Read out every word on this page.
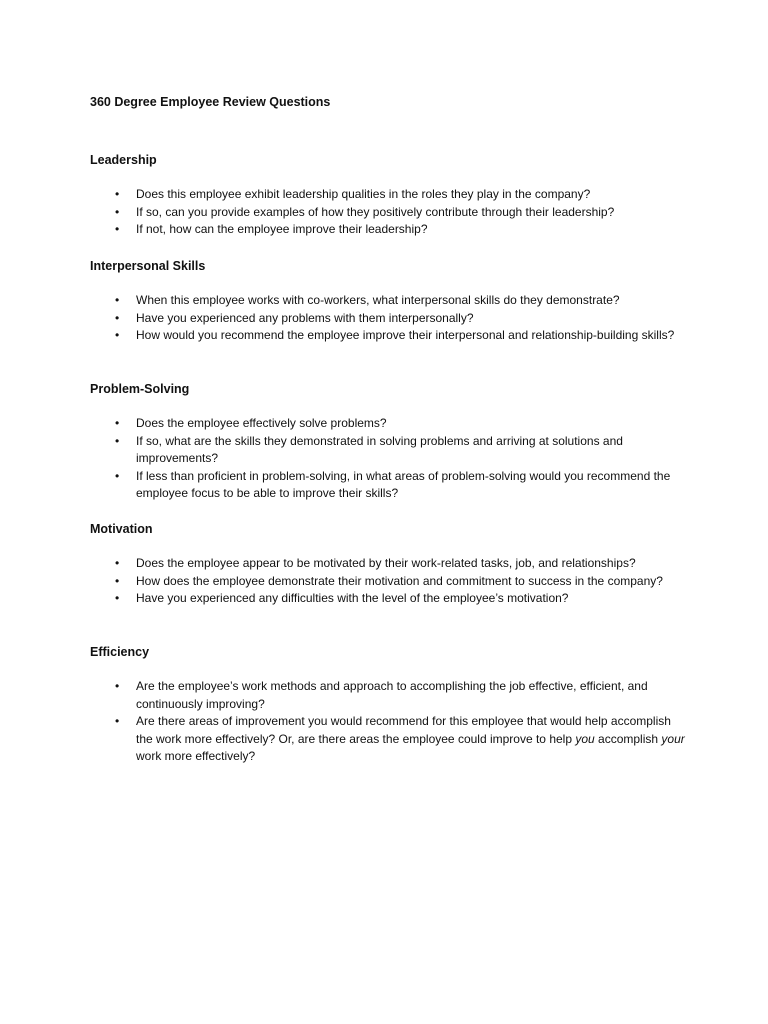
360 Degree Employee Review Questions
Leadership
• Does this employee exhibit leadership qualities in the roles they play in the company?
• If so, can you provide examples of how they positively contribute through their leadership?
• If not, how can the employee improve their leadership?
Interpersonal Skills
• When this employee works with co-workers, what interpersonal skills do they demonstrate?
• Have you experienced any problems with them interpersonally?
• How would you recommend the employee improve their interpersonal and relationship-building skills?
Problem-Solving
• Does the employee effectively solve problems?
• If so, what are the skills they demonstrated in solving problems and arriving at solutions and improvements?
• If less than proficient in problem-solving, in what areas of problem-solving would you recommend the employee focus to be able to improve their skills?
Motivation
• Does the employee appear to be motivated by their work-related tasks, job, and relationships?
• How does the employee demonstrate their motivation and commitment to success in the company?
• Have you experienced any difficulties with the level of the employee’s motivation?
Efficiency
• Are the employee’s work methods and approach to accomplishing the job effective, efficient, and continuously improving?
• Are there areas of improvement you would recommend for this employee that would help accomplish the work more effectively? Or, are there areas the employee could improve to help you accomplish your work more effectively?
